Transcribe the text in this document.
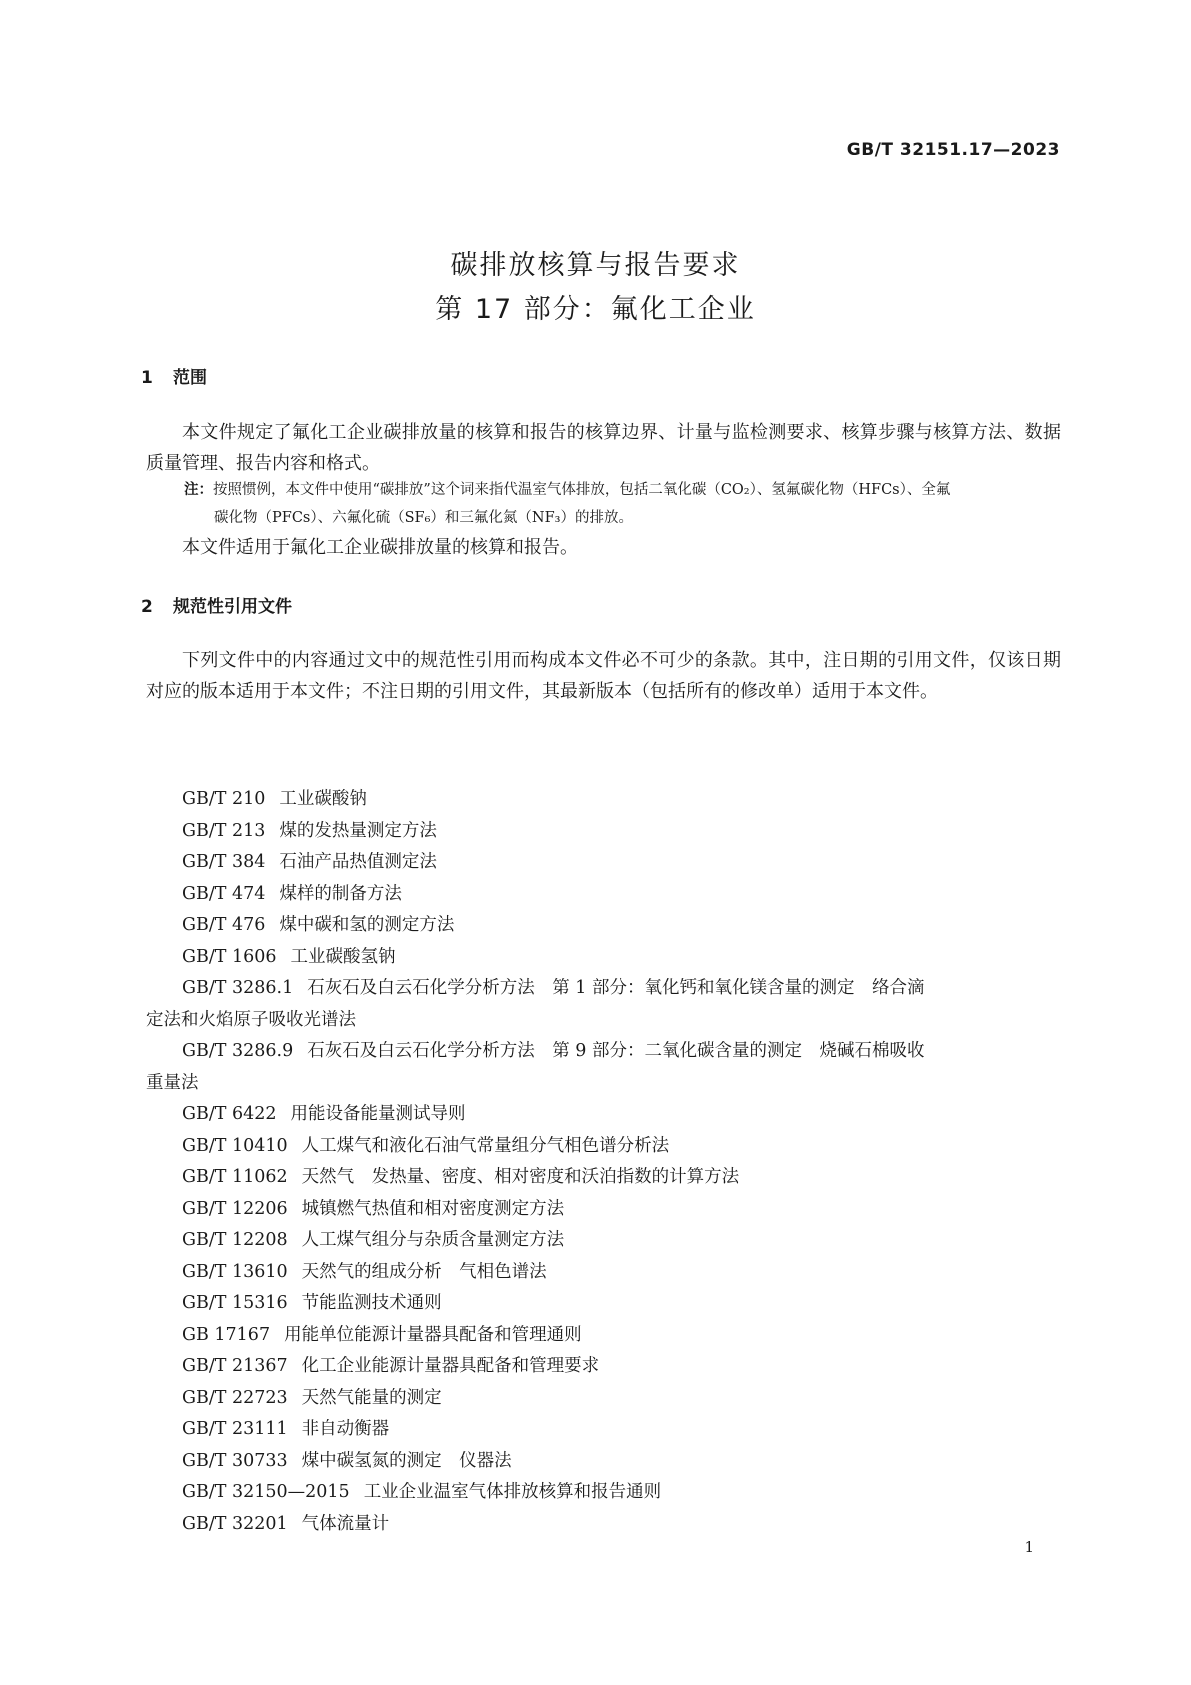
GB/T 32151.17—2023
碳排放核算与报告要求
第 17 部分：氟化工企业
1 范围
本文件规定了氟化工企业碳排放量的核算和报告的核算边界、计量与监检测要求、核算步骤与核算方法、数据质量管理、报告内容和格式。
注：按照惯例，本文件中使用“碳排放”这个词来指代温室气体排放，包括二氧化碳（CO₂）、氢氟碳化物（HFCs）、全氟
碳化物（PFCs）、六氟化硫（SF₆）和三氟化氮（NF₃）的排放。
本文件适用于氟化工企业碳排放量的核算和报告。
2 规范性引用文件
下列文件中的内容通过文中的规范性引用而构成本文件必不可少的条款。其中，注日期的引用文件，仅该日期对应的版本适用于本文件；不注日期的引用文件，其最新版本（包括所有的修改单）适用于本文件。
GB/T 210 工业碳酸钠
GB/T 213 煤的发热量测定方法
GB/T 384 石油产品热值测定法
GB/T 474 煤样的制备方法
GB/T 476 煤中碳和氢的测定方法
GB/T 1606 工业碳酸氢钠
GB/T 3286.1 石灰石及白云石化学分析方法　第 1 部分：氧化钙和氧化镁含量的测定　络合滴
定法和火焰原子吸收光谱法
GB/T 3286.9 石灰石及白云石化学分析方法　第 9 部分：二氧化碳含量的测定　烧碱石棉吸收
重量法
GB/T 6422 用能设备能量测试导则
GB/T 10410 人工煤气和液化石油气常量组分气相色谱分析法
GB/T 11062 天然气　发热量、密度、相对密度和沃泊指数的计算方法
GB/T 12206 城镇燃气热值和相对密度测定方法
GB/T 12208 人工煤气组分与杂质含量测定方法
GB/T 13610 天然气的组成分析　气相色谱法
GB/T 15316 节能监测技术通则
GB 17167 用能单位能源计量器具配备和管理通则
GB/T 21367 化工企业能源计量器具配备和管理要求
GB/T 22723 天然气能量的测定
GB/T 23111 非自动衡器
GB/T 30733 煤中碳氢氮的测定　仪器法
GB/T 32150—2015 工业企业温室气体排放核算和报告通则
GB/T 32201 气体流量计
1
